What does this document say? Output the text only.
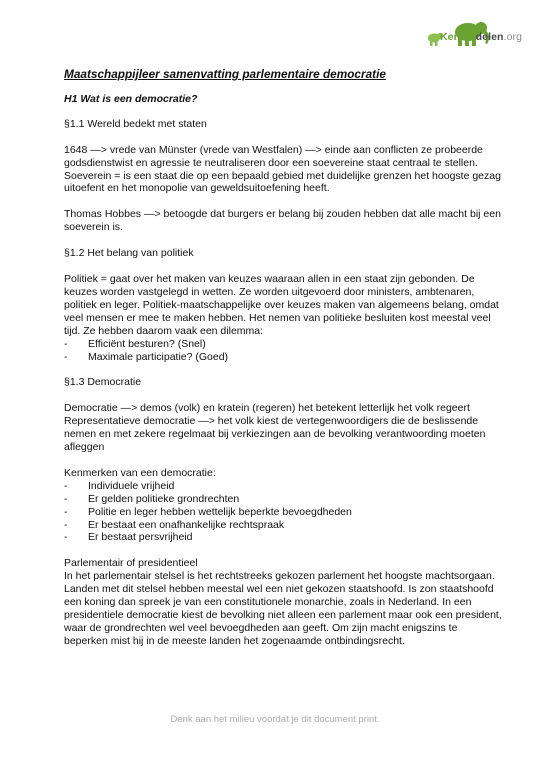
Kennisdelen.org
Maatschappijleer samenvatting parlementaire democratie
H1 Wat is een democratie?
§1.1 Wereld bedekt met staten

1648 —> vrede van Münster (vrede van Westfalen) —> einde aan conflicten ze probeerde godsdienstwist en agressie te neutraliseren door een soevereine staat centraal te stellen.

Soeverein = is een staat die op een bepaald gebied met duidelijke grenzen het hoogste gezag uitoefent en het monopolie van geweldsuitoefening heeft.

Thomas Hobbes —> betoogde dat burgers er belang bij zouden hebben dat alle macht bij een soeverein is.

§1.2 Het belang van politiek

Politiek = gaat over het maken van keuzes waaraan allen in een staat zijn gebonden. De keuzes worden vastgelegd in wetten. Ze worden uitgevoerd door ministers, ambtenaren, politiek en leger. Politiek-maatschappelijke over keuzes maken van algemeens belang, omdat veel mensen er mee te maken hebben. Het nemen van politieke besluiten kost meestal veel tijd. Ze hebben daarom vaak een dilemma:

- Efficiënt besturen? (Snel)
- Maximale participatie? (Goed)
§1.3 Democratie

Democratie —> demos (volk) en kratein (regeren) het betekent letterlijk het volk regeert

Representatieve democratie —> het volk kiest de vertegenwoordigers die de beslissende nemen en met zekere regelmaat bij verkiezingen aan de bevolking verantwoording moeten afleggen

Kenmerken van een democratie:

- Individuele vrijheid
- Er gelden politieke grondrechten
- Politie en leger hebben wettelijk beperkte bevoegdheden
- Er bestaat een onafhankelijke rechtspraak
- Er bestaat persvrijheid

Parlementair of presidentieel

In het parlementair stelsel is het rechtstreeks gekozen parlement het hoogste machtsorgaan. Landen met dit stelsel hebben meestal wel een niet gekozen staatshoofd. Is zon staatshoofd een koning dan spreek je van een constitutionele monarchie, zoals in Nederland. In een presidentiele democratie kiest de bevolking niet alleen een parlement maar ook een president, waar de grondrechten wel veel bevoegdheden aan geeft. Om zijn macht enigszins te beperken mist hij in de meeste landen het zogenaamde ontbindingsrecht.

Denk aan het milieu voordat je dit document print.
